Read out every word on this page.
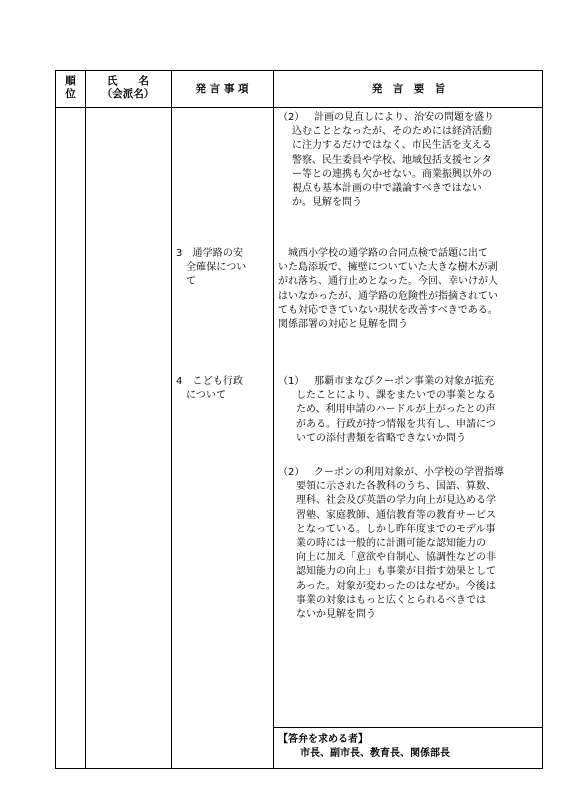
順位
氏　　名
（会派名）	発 言 事 項	発　言　要　旨
（2） 計画の見直しにより、治安の問題を盛り
込むこととなったが、そのためには経済活動
に注力するだけではなく、市民生活を支える
警察、民生委員や学校、地域包括支援センタ
ー等との連携も欠かせない。商業振興以外の
視点も基本計画の中で議論すべきではない
か。見解を問う
3　通学路の安
全確保につい
て
　城西小学校の通学路の合同点検で話題に出て
いた島添坂で、擁壁についていた大きな樹木が剥
がれ落ち、通行止めとなった。今回、幸いけが人
はいなかったが、通学路の危険性が指摘されてい
ても対応できていない現状を改善すべきである。
関係部署の対応と見解を問う
4　こども行政
について
（1） 那覇市まなびクーポン事業の対象が拡充
したことにより、課をまたいでの事業となる
ため、利用申請のハードルが上がったとの声
がある。行政が持つ情報を共有し、申請につ
いての添付書類を省略できないか問う
（2） クーポンの利用対象が、小学校の学習指導
要領に示された各教科のうち、国語、算数、
理科、社会及び英語の学力向上が見込める学
習塾、家庭教師、通信教育等の教育サービス
となっている。しかし昨年度までのモデル事
業の時には一般的に計測可能な認知能力の
向上に加え「意欲や自制心、協調性などの非
認知能力の向上」も事業が目指す効果として
あった。対象が変わったのはなぜか。今後は
事業の対象はもっと広くとられるべきでは
ないか見解を問う
【答弁を求める者】
市長、副市長、教育長、関係部長
